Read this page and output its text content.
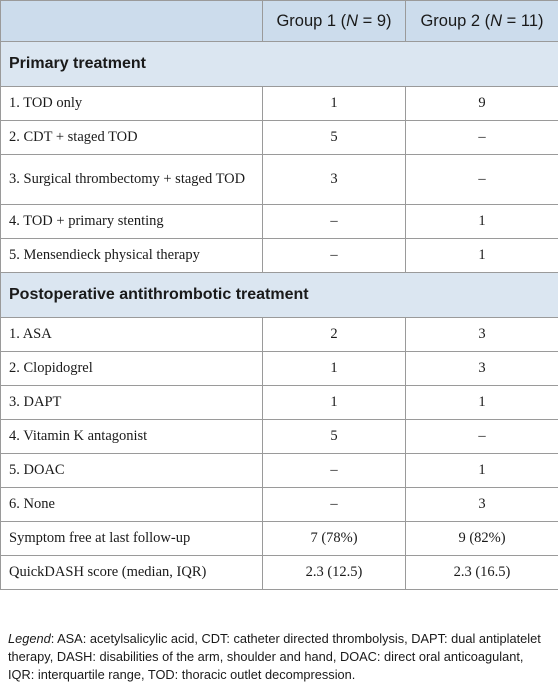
	Group 1 (N = 9)	Group 2 (N = 11)
Primary treatment		
1. TOD only	1	9
2. CDT + staged TOD	5	–
3. Surgical thrombectomy + staged TOD	3	–
4. TOD + primary stenting	–	1
5. Mensendieck physical therapy	–	1
Postoperative antithrombotic treatment		
1. ASA	2	3
2. Clopidogrel	1	3
3. DAPT	1	1
4. Vitamin K antagonist	5	–
5. DOAC	–	1
6. None	–	3
Symptom free at last follow-up	7 (78%)	9 (82%)
QuickDASH score (median, IQR)	2.3 (12.5)	2.3 (16.5)
Legend: ASA: acetylsalicylic acid, CDT: catheter directed thrombolysis, DAPT: dual antiplatelet therapy, DASH: disabilities of the arm, shoulder and hand, DOAC: direct oral anticoagulant, IQR: interquartile range, TOD: thoracic outlet decompression.
